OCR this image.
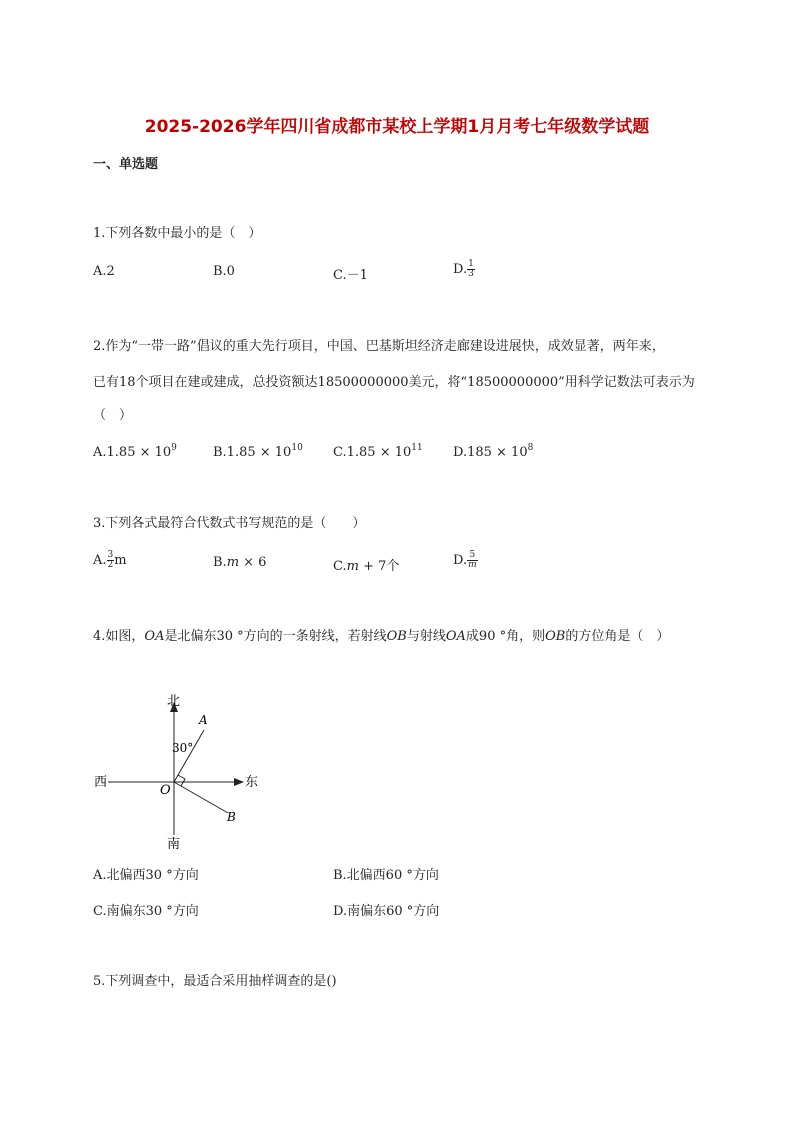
2025-2026学年四川省成都市某校上学期1月月考七年级数学试题
一、单选题
1.下列各数中最小的是（　）
A.2	B.0	C.－1	D. $\frac{1}{3}$
2.作为“一带一路”倡议的重大先行项目，中国、巴基斯坦经济走廊建设进展快，成效显著，两年来，
已有18个项目在建或建成，总投资额达18500000000美元，将“18500000000”用科学记数法可表示为
（　）
$A.1.85 \times 10^9$	$B.1.85 \times 10^{10}$ $C.1.85 \times 10^{11}$ $D.185 \times 10^8$
3.下列各式最符合代数式书写规范的是（　　）
A. $\frac{3}{2}$ m	B.m × 6	C.m + 7个	D. $\frac{5}{m}$
4.如图，OA是北偏东30 °方向的一条射线，若射线OB与射线OA成90 °角，则OB的方位角是（　）
北
南
东
西
O
A
B
30°
A.北偏西30 °方向	B.北偏西60 °方向
C.南偏东30 °方向	D.南偏东60 °方向
5.下列调查中，最适合采用抽样调查的是()
